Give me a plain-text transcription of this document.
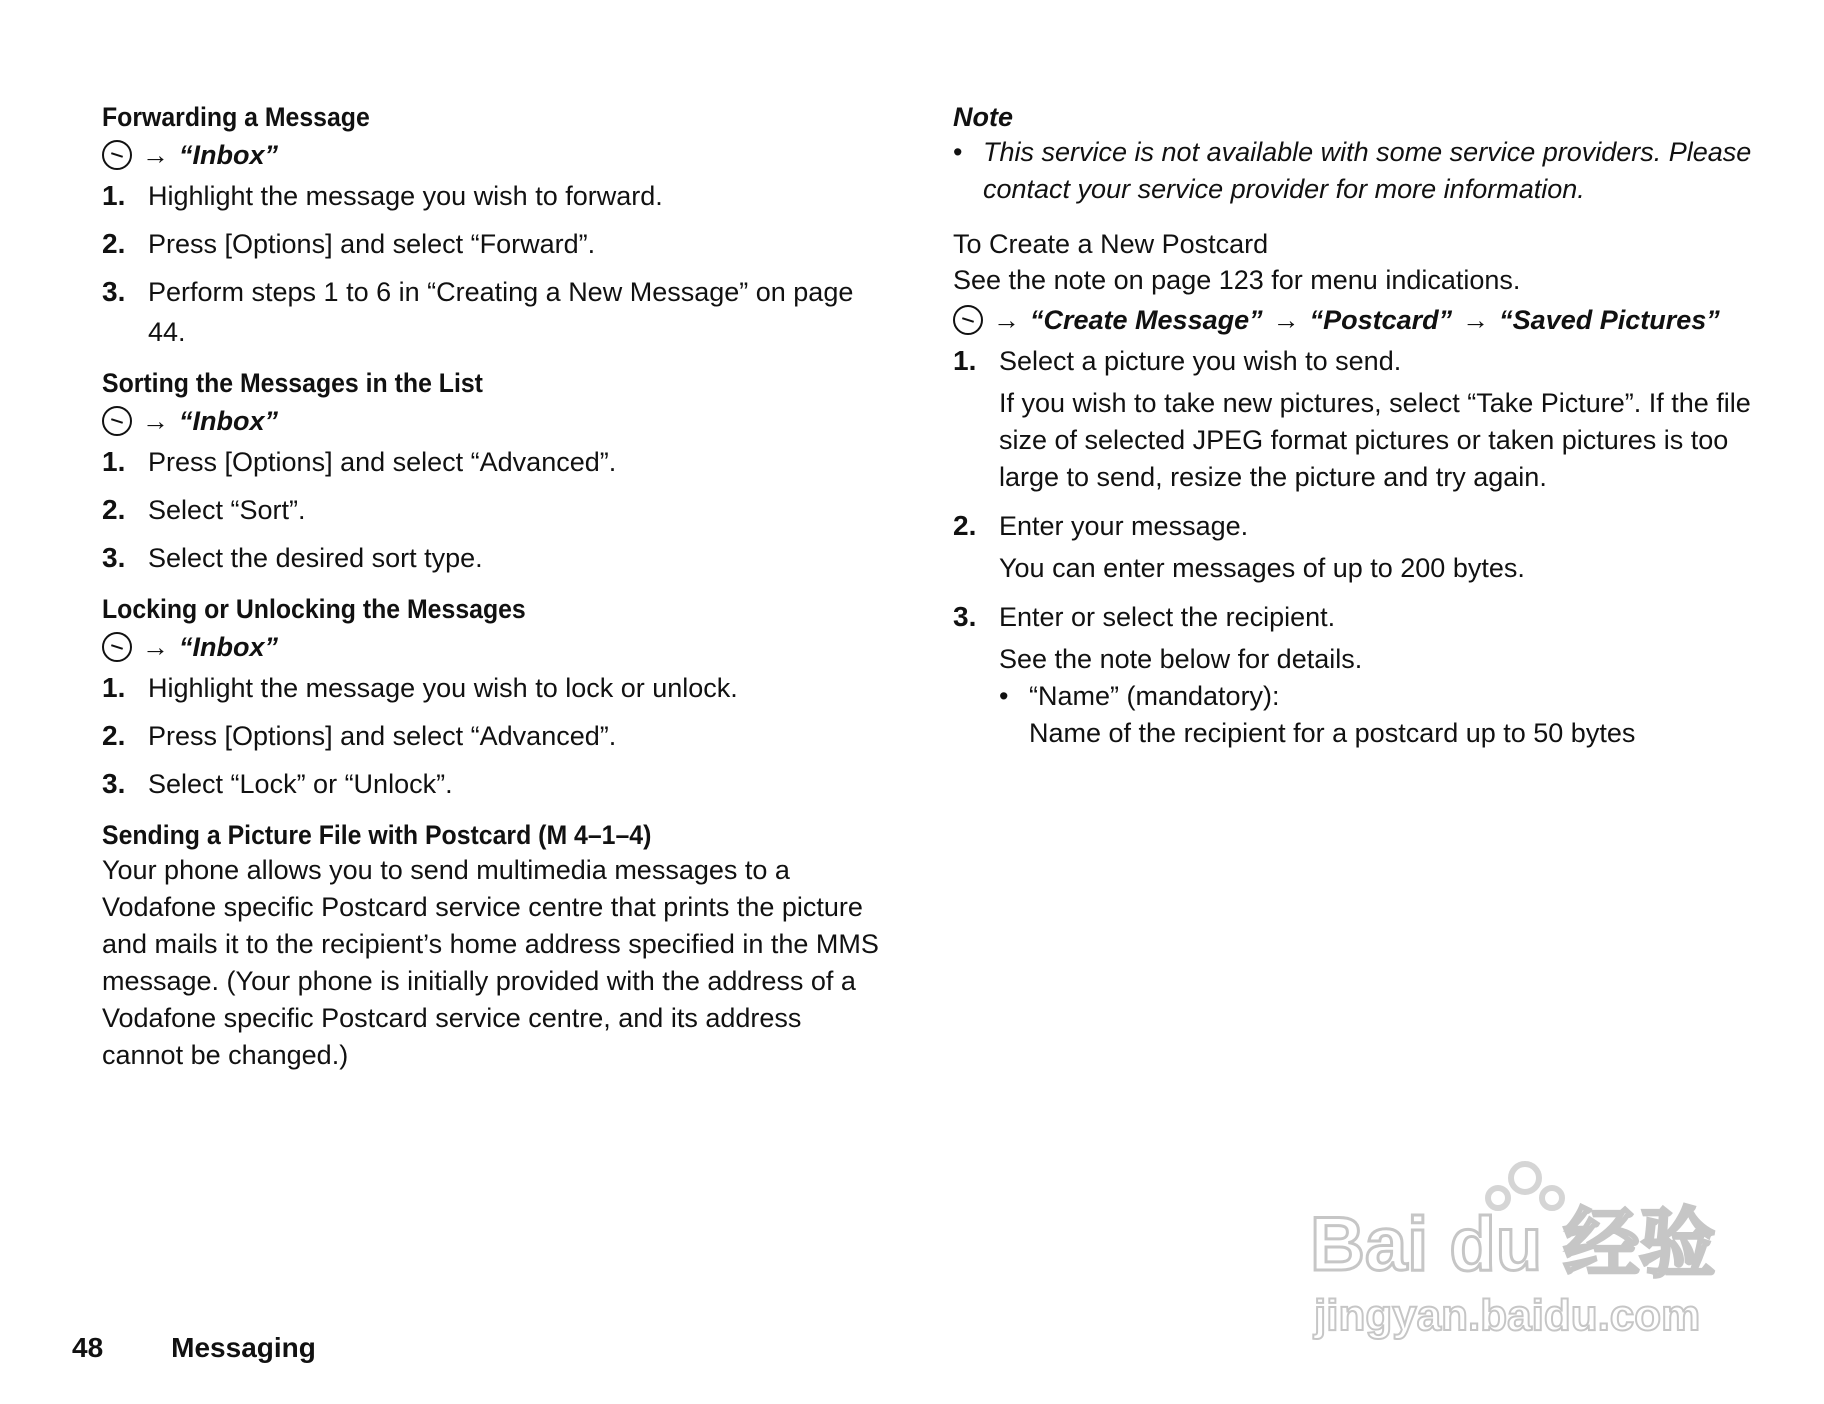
Forwarding a Message
→ “Inbox”
1. Highlight the message you wish to forward.
2. Press [Options] and select “Forward”.
3. Perform steps 1 to 6 in “Creating a New Message” on page 44.
Sorting the Messages in the List
→ “Inbox”
1. Press [Options] and select “Advanced”.
2. Select “Sort”.
3. Select the desired sort type.
Locking or Unlocking the Messages
→ “Inbox”
1. Highlight the message you wish to lock or unlock.
2. Press [Options] and select “Advanced”.
3. Select “Lock” or “Unlock”.
Sending a Picture File with Postcard (M 4–1–4)

Your phone allows you to send multimedia messages to a Vodafone specific Postcard service centre that prints the picture and mails it to the recipient’s home address specified in the MMS message. (Your phone is initially provided with the address of a Vodafone specific Postcard service centre, and its address cannot be changed.)

Note
• This service is not available with some service providers. Please contact your service provider for more information.
To Create a New Postcard
See the note on page 123 for menu indications.
→ “Create Message” → “Postcard” → “Saved Pictures”
1. Select a picture you wish to send.
If you wish to take new pictures, select “Take Picture”. If the file size of selected JPEG format pictures or taken pictures is too large to send, resize the picture and try again.
2. Enter your message.
You can enter messages of up to 200 bytes.
3. Enter or select the recipient.
See the note below for details.
• “Name” (mandatory):
Name of the recipient for a postcard up to 50 bytes
Bai du 经验
jingyan.baidu.com
48 Messaging
